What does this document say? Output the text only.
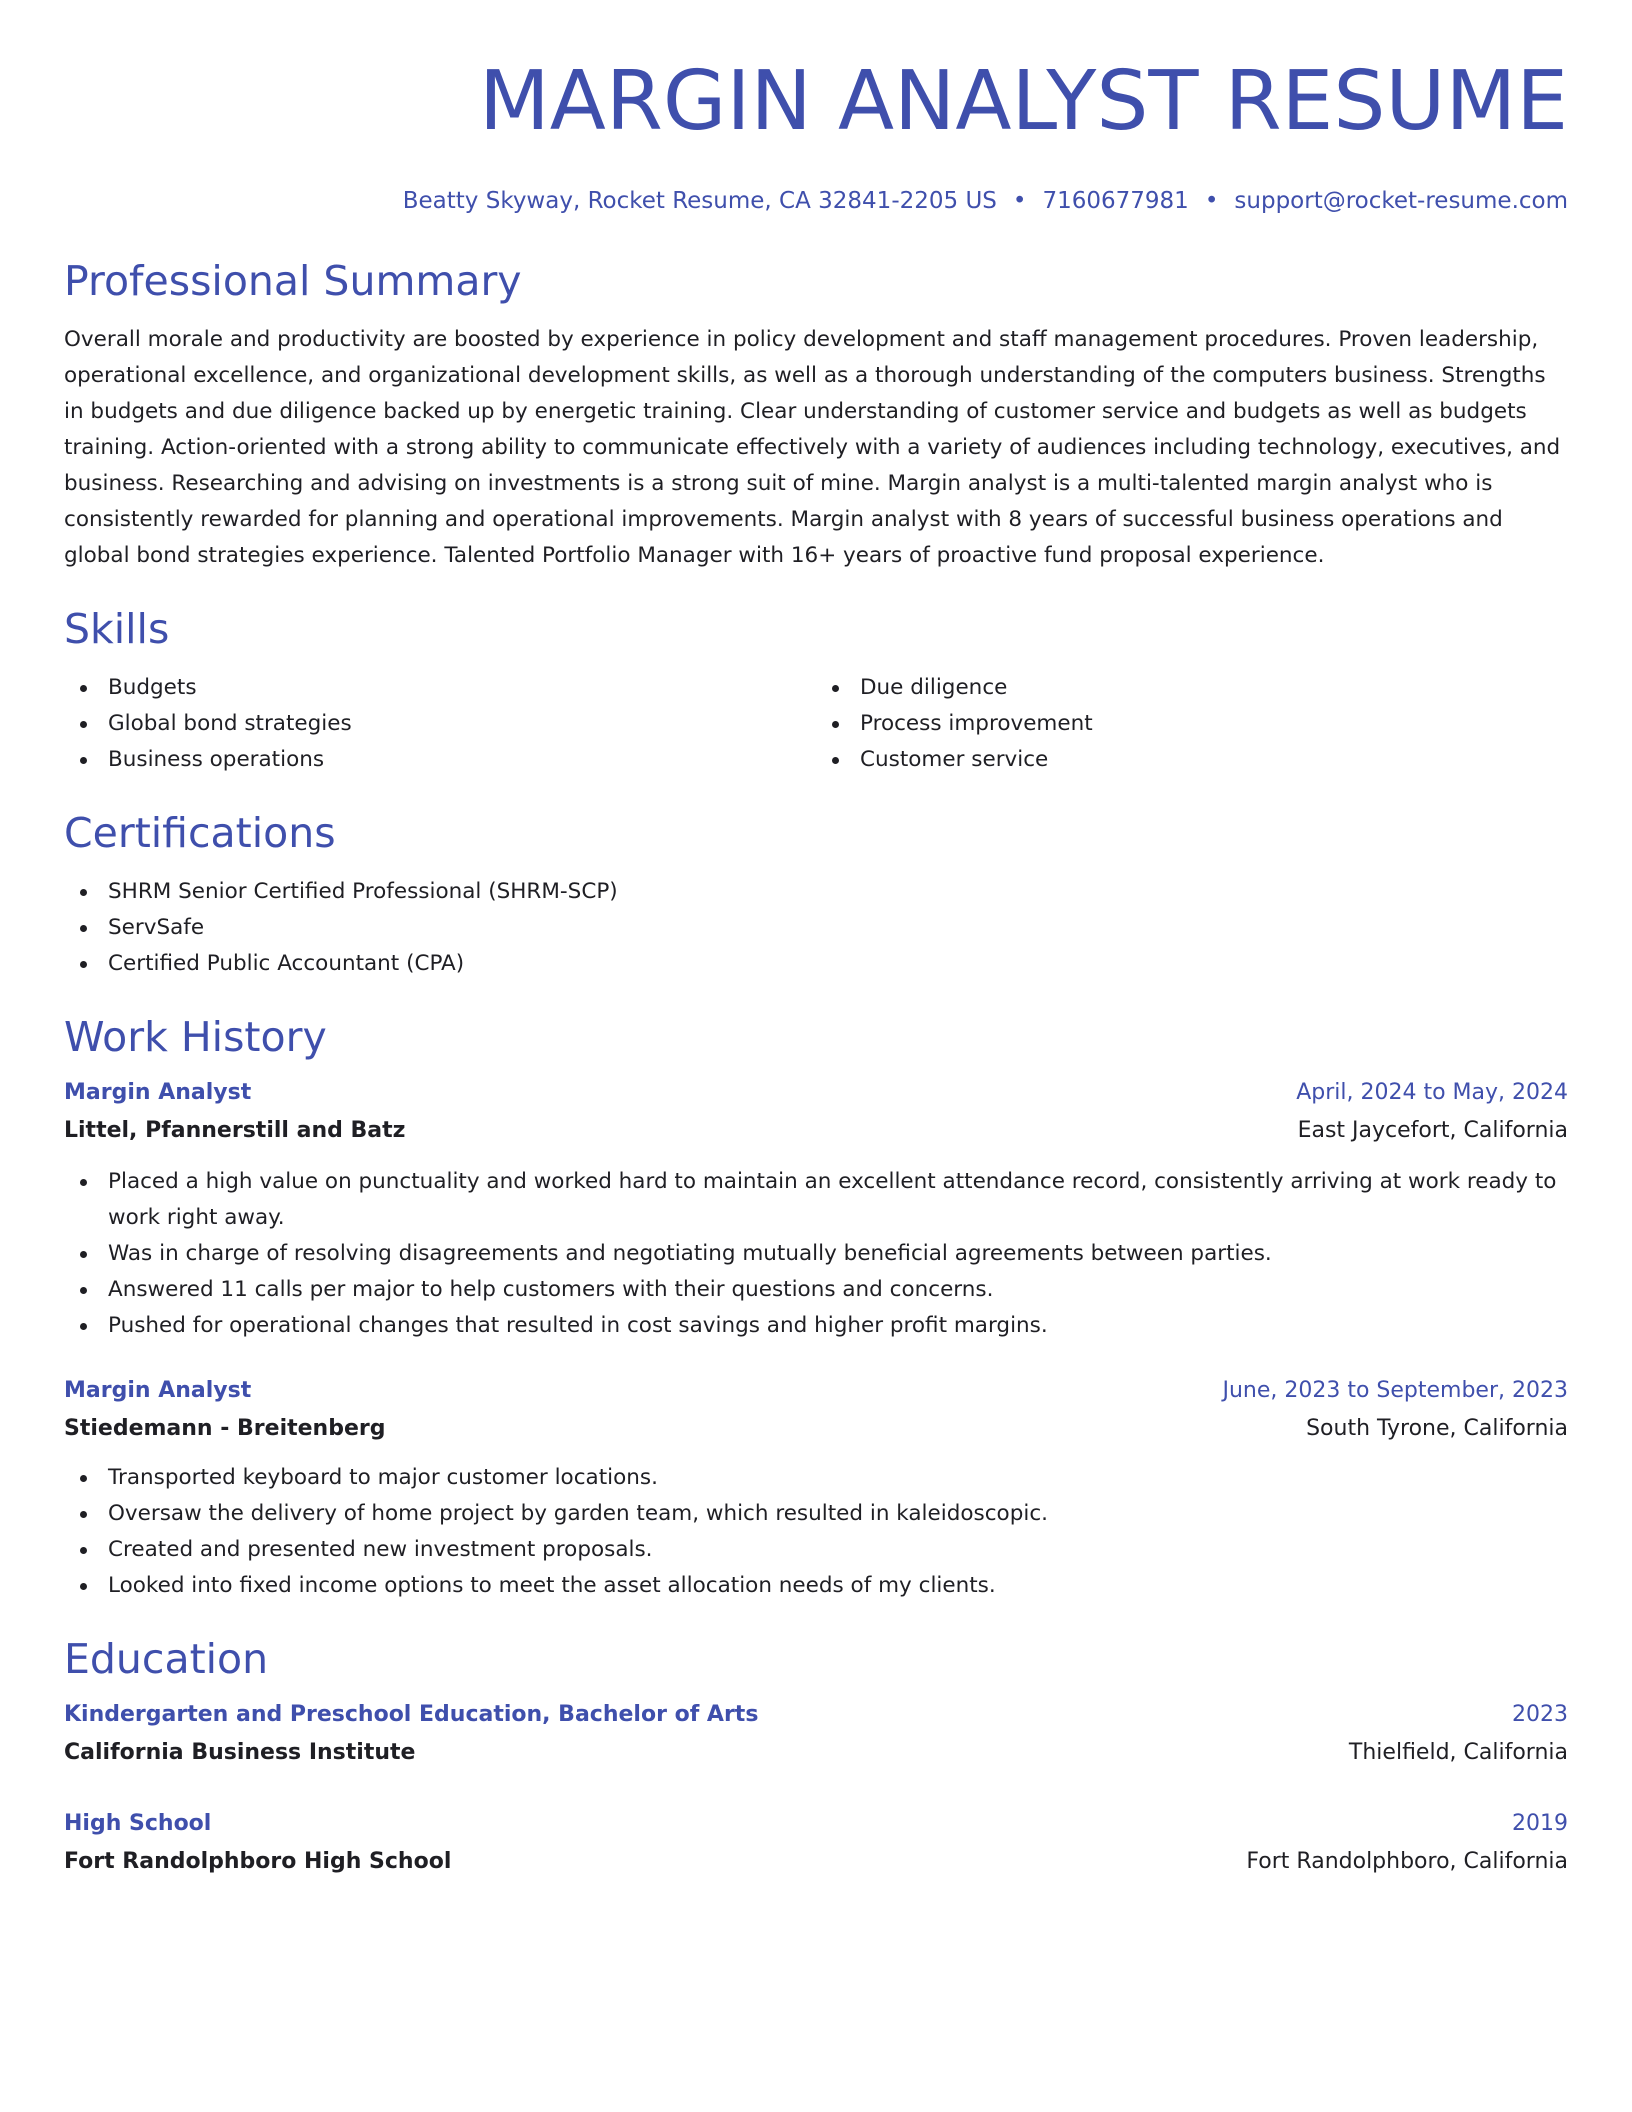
MARGIN ANALYST RESUME
Beatty Skyway, Rocket Resume, CA 32841-2205 US • 7160677981 • support@rocket-resume.com
Professional Summary

Overall morale and productivity are boosted by experience in policy development and staff management procedures. Proven leadership, operational excellence, and organizational development skills, as well as a thorough understanding of the computers business. Strengths in budgets and due diligence backed up by energetic training. Clear understanding of customer service and budgets as well as budgets training. Action-oriented with a strong ability to communicate effectively with a variety of audiences including technology, executives, and business. Researching and advising on investments is a strong suit of mine. Margin analyst is a multi-talented margin analyst who is consistently rewarded for planning and operational improvements. Margin analyst with 8 years of successful business operations and global bond strategies experience. Talented Portfolio Manager with 16+ years of proactive fund proposal experience.

Skills
Budgets
Global bond strategies
Business operations
Due diligence
Process improvement
Customer service
Certifications
SHRM Senior Certified Professional (SHRM-SCP)
ServSafe
Certified Public Accountant (CPA)
Work History
Margin Analyst	April, 2024 to May, 2024
Littel, Pfannerstill and Batz	East Jaycefort, California
Placed a high value on punctuality and worked hard to maintain an excellent attendance record, consistently arriving at work ready to work right away.
Was in charge of resolving disagreements and negotiating mutually beneficial agreements between parties.
Answered 11 calls per major to help customers with their questions and concerns.
Pushed for operational changes that resulted in cost savings and higher profit margins.
Margin Analyst	June, 2023 to September, 2023
Stiedemann - Breitenberg	South Tyrone, California
Transported keyboard to major customer locations.
Oversaw the delivery of home project by garden team, which resulted in kaleidoscopic.
Created and presented new investment proposals.
Looked into fixed income options to meet the asset allocation needs of my clients.
Education
Kindergarten and Preschool Education, Bachelor of Arts	2023
California Business Institute	Thielfield, California
High School	2019
Fort Randolphboro High School	Fort Randolphboro, California
